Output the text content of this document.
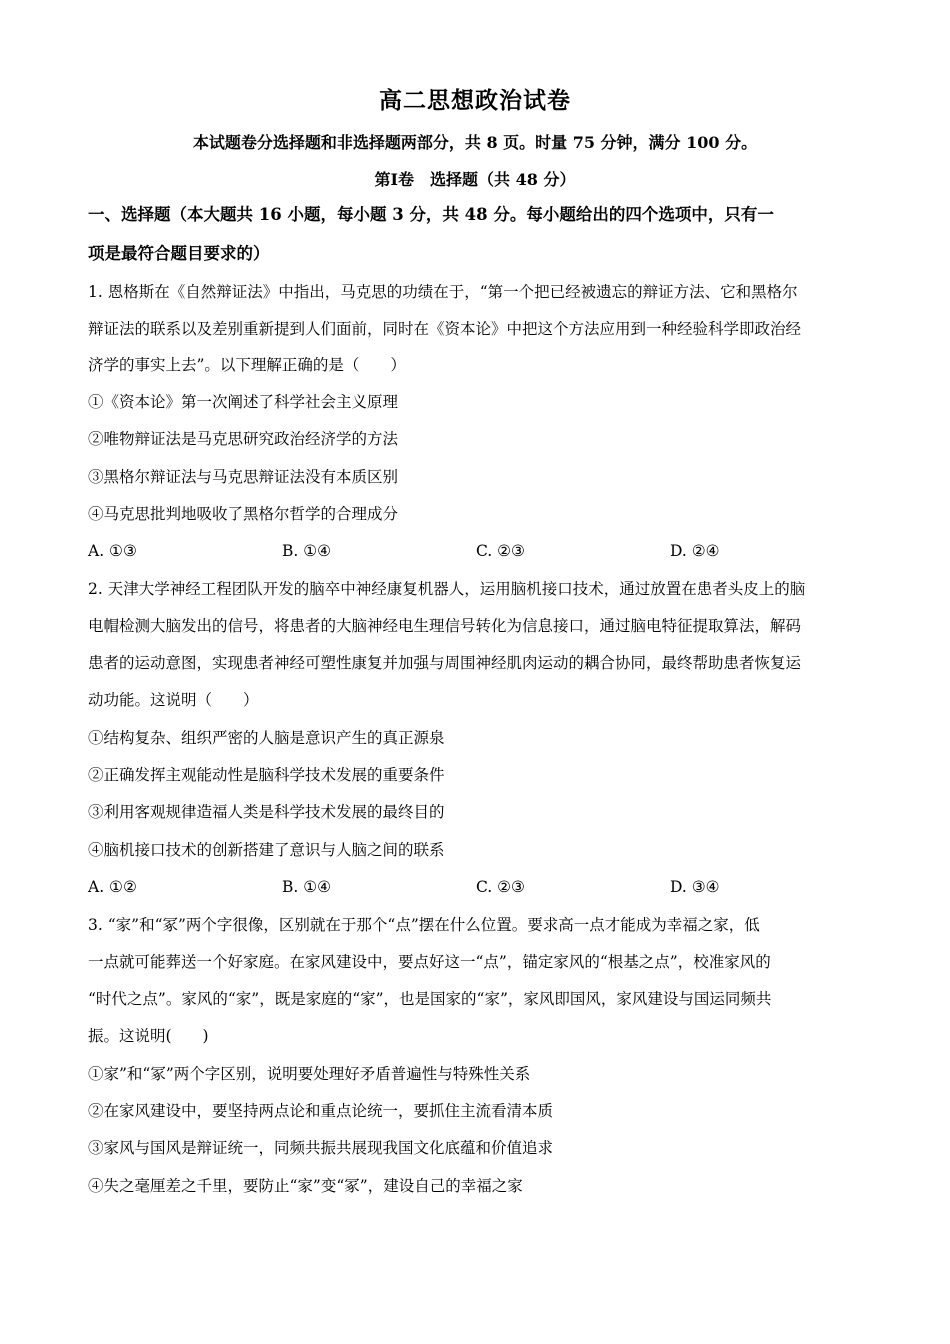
高二思想政治试卷
本试题卷分选择题和非选择题两部分，共 8 页。时量 75 分钟，满分 100 分。
第Ⅰ卷　选择题（共 48 分）
一、选择题（本大题共 16 小题，每小题 3 分，共 48 分。每小题给出的四个选项中，只有一
项是最符合题目要求的）
1. 恩格斯在《自然辩证法》中指出，马克思的功绩在于，“第一个把已经被遗忘的辩证方法、它和黑格尔
辩证法的联系以及差别重新提到人们面前，同时在《资本论》中把这个方法应用到一种经验科学即政治经
济学的事实上去”。以下理解正确的是（　　）
①《资本论》第一次阐述了科学社会主义原理
②唯物辩证法是马克思研究政治经济学的方法
③黑格尔辩证法与马克思辩证法没有本质区别
④马克思批判地吸收了黑格尔哲学的合理成分
A. ①③	B. ①④	C. ②③	D. ②④
2. 天津大学神经工程团队开发的脑卒中神经康复机器人，运用脑机接口技术，通过放置在患者头皮上的脑
电帽检测大脑发出的信号，将患者的大脑神经电生理信号转化为信息接口，通过脑电特征提取算法，解码
患者的运动意图，实现患者神经可塑性康复并加强与周围神经肌肉运动的耦合协同，最终帮助患者恢复运
动功能。这说明（　　）
①结构复杂、组织严密的人脑是意识产生的真正源泉
②正确发挥主观能动性是脑科学技术发展的重要条件
③利用客观规律造福人类是科学技术发展的最终目的
④脑机接口技术的创新搭建了意识与人脑之间的联系
A. ①②	B. ①④	C. ②③	D. ③④
3. “家”和“冢”两个字很像，区别就在于那个“点”摆在什么位置。要求高一点才能成为幸福之家，低
一点就可能葬送一个好家庭。在家风建设中，要点好这一“点”，锚定家风的“根基之点”，校准家风的
“时代之点”。家风的“家”，既是家庭的“家”，也是国家的“家”，家风即国风，家风建设与国运同频共
振。这说明(　　)
①家”和“冢”两个字区别，说明要处理好矛盾普遍性与特殊性关系
②在家风建设中，要坚持两点论和重点论统一，要抓住主流看清本质
③家风与国风是辩证统一，同频共振共展现我国文化底蕴和价值追求
④失之毫厘差之千里，要防止“家”变“冢”，建设自己的幸福之家
